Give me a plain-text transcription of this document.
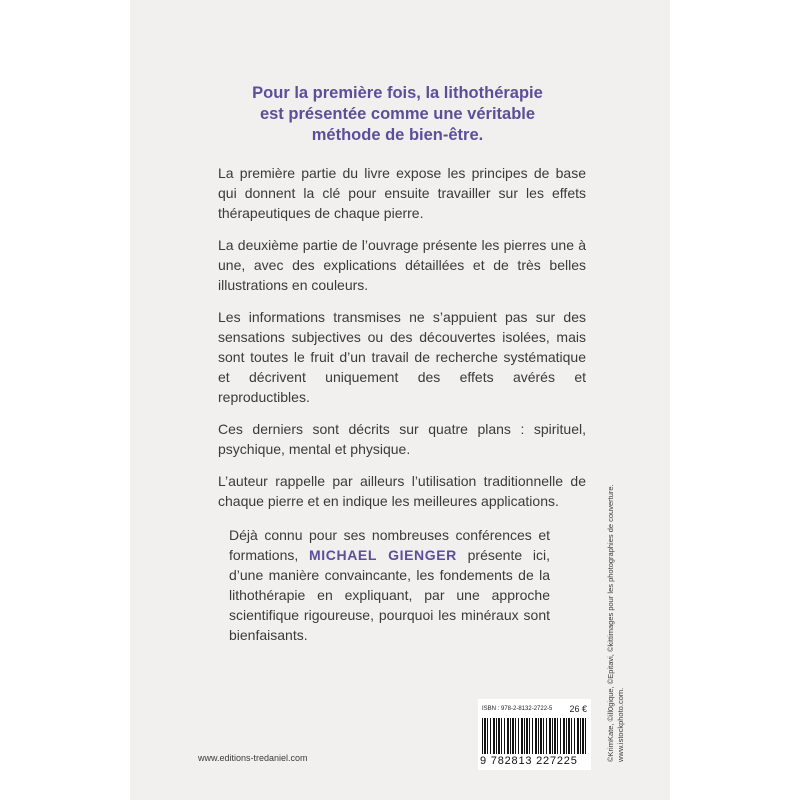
Pour la première fois, la lithothérapie
est présentée comme une véritable
méthode de bien-être.

La première partie du livre expose les principes de base qui donnent la clé pour ensuite travailler sur les effets thérapeutiques de chaque pierre.

La deuxième partie de l’ouvrage présente les pierres une à une, avec des explications détaillées et de très belles illustrations en couleurs.

Les informations transmises ne s’appuient pas sur des sensations subjectives ou des découvertes isolées, mais sont toutes le fruit d’un travail de recherche systématique et décrivent uniquement des effets avérés et reproductibles.

Ces derniers sont décrits sur quatre plans : spirituel, psychique, mental et physique.

L’auteur rappelle par ailleurs l’utilisation traditionnelle de chaque pierre et en indique les meilleures applications.

Déjà connu pour ses nombreuses conférences et formations, MICHAEL GIENGER présente ici, d’une manière convaincante, les fondements de la lithothérapie en expliquant, par une approche scientifique rigoureuse, pourquoi les minéraux sont bienfaisants.

www.editions-tredaniel.com
ISBN : 978-2-8132-2722-5 26 €
9 782813 227225	©KrimKate, ©ill0gique, ©Epitavi, ©kittimages pour les photographies de couverture. www.istockphoto.com.
